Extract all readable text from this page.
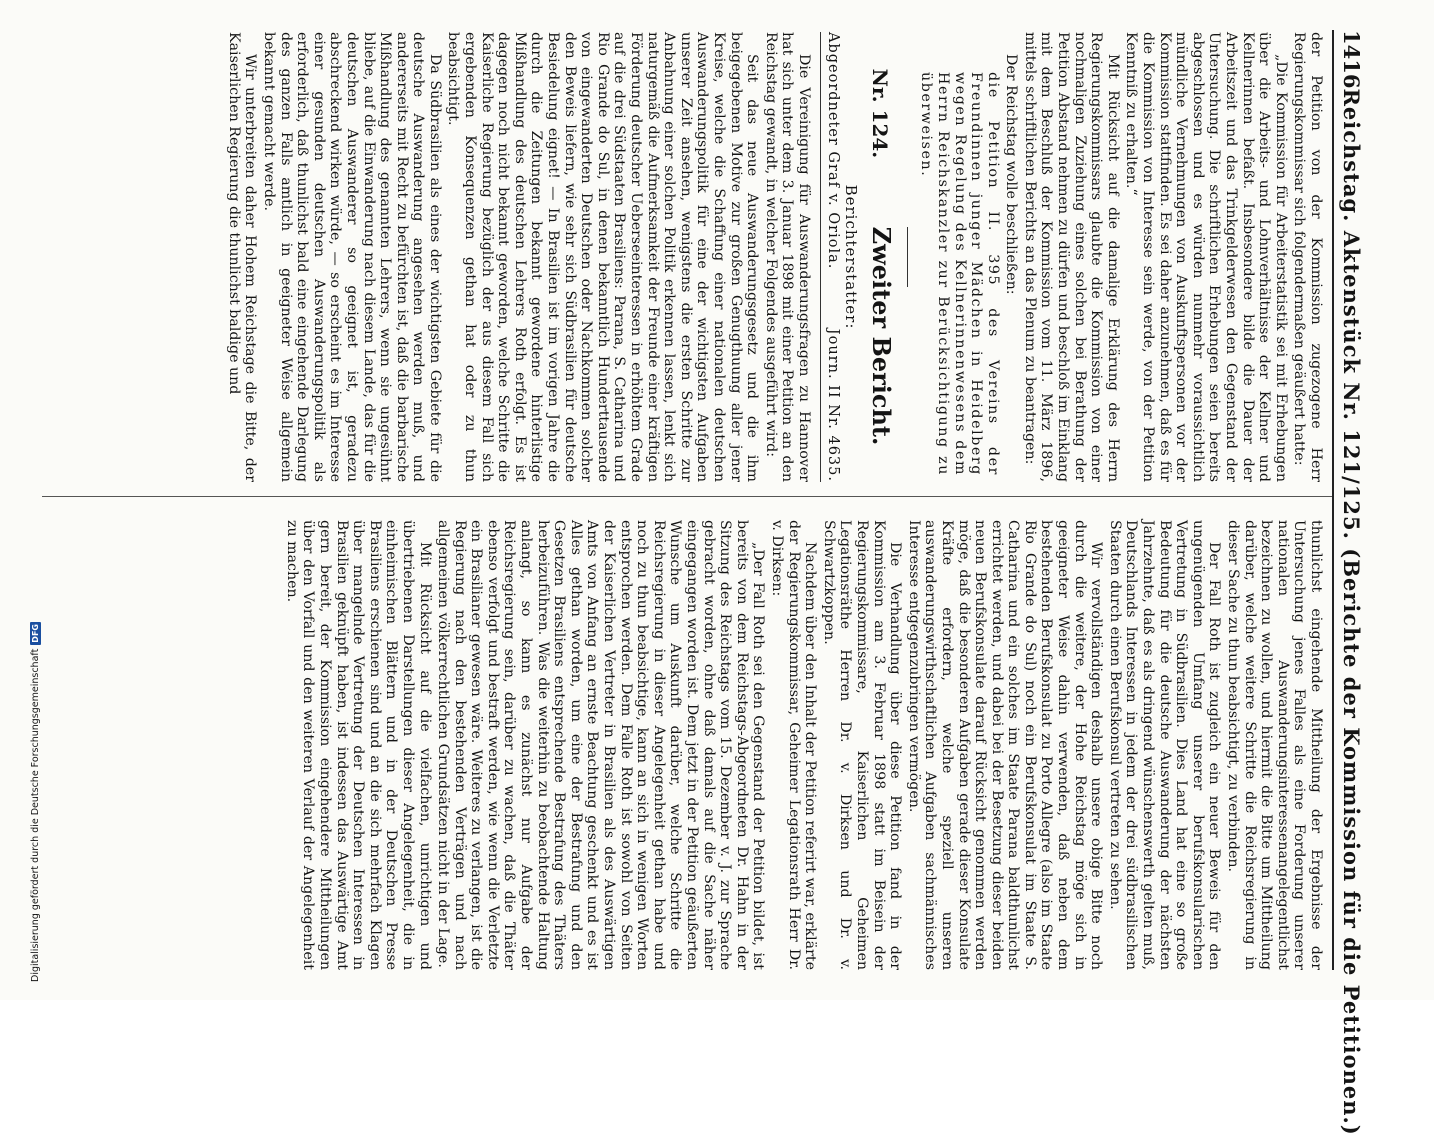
1416
Reichstag. Aktenstück Nr. 121/125. (Berichte der Kommission für die Petitionen.)

der Petition von der Kommission zugezogene Herr Regierungskommissar sich folgendermaßen geäußert hatte:

„Die Kommission für Arbeiterstatistik sei mit Erhebungen über die Arbeits- und Lohnverhältnisse der Kellner und Kellnerinnen befaßt. Insbesondere bilde die Dauer der Arbeitszeit und das Trinkgelderwesen den Gegenstand der Untersuchung. Die schriftlichen Erhebungen seien bereits abgeschlossen und es würden nunmehr voraussichtlich mündliche Vernehmungen von Auskunftspersonen vor der Kommission stattfinden. Es sei daher anzunehmen, daß es für die Kommission von Interesse sein werde, von der Petition Kenntniß zu erhalten.“

Mit Rücksicht auf die damalige Erklärung des Herrn Regierungskommissars glaubte die Kommission von einer nochmaligen Zuziehung eines solchen bei Berathung der Petition Abstand nehmen zu dürfen und beschloß im Einklang mit dem Beschluß der Kommission vom 11. März 1896, mittels schriftlichen Berichts an das Plenum zu beantragen:

Der Reichstag wolle beschließen:

die Petition II. 395 des Vereins der Freundinnen junger Mädchen in Heidelberg wegen Regelung des Kellnerinnenwesens dem Herrn Reichskanzler zur Berücksichtigung zu überweisen.

Nr. 124. Zweiter Bericht.
Berichterstatter:
Abgeordneter Graf v. Oriola.
Journ. II Nr. 4635.

Die Vereinigung für Auswanderungsfragen zu Hannover hat sich unter dem 3. Januar 1898 mit einer Petition an den Reichstag gewandt, in welcher Folgendes ausgeführt wird:

Seit das neue Auswanderungsgesetz und die ihm beigegebenen Motive zur großen Genugthuung aller jener Kreise, welche die Schaffung einer nationalen deutschen Auswanderungspolitik für eine der wichtigsten Aufgaben unserer Zeit ansehen, wenigstens die ersten Schritte zur Anbahnung einer solchen Politik erkennen lassen, lenkt sich naturgemäß die Aufmerksamkeit der Freunde einer kräftigen Förderung deutscher Ueberseeinteressen in erhöhtem Grade auf die drei Südstaaten Brasiliens: Parana, S. Catharina und Rio Grande do Sul, in denen bekanntlich Hunderttausende von eingewanderten Deutschen oder Nachkommen solcher den Beweis liefern, wie sehr sich Südbrasilien für deutsche Besiedelung eignet! — In Brasilien ist im vorigen Jahre die durch die Zeitungen bekannt gewordene hinterlistige Mißhandlung des deutschen Lehrers Roth erfolgt. Es ist dagegen noch nicht bekannt geworden, welche Schritte die Kaiserliche Regierung bezüglich der aus diesem Fall sich ergebenden Konsequenzen gethan hat oder zu thun beabsichtigt.

Da Südbrasilien als eines der wichtigsten Gebiete für die deutsche Auswanderung angesehen werden muß, und andererseits mit Recht zu befürchten ist, daß die barbarische Mißhandlung des genannten Lehrers, wenn sie ungesühnt bliebe, auf die Einwanderung nach diesem Lande, das für die deutschen Auswanderer so geeignet ist, geradezu abschreckend wirken würde, — so erscheint es im Interesse einer gesunden deutschen Auswanderungspolitik als erforderlich, daß thunlichst bald eine eingehende Darlegung des ganzen Falls amtlich in geeigneter Weise allgemein bekannt gemacht werde.

Wir unterbreiten daher Hohem Reichstage die Bitte, der Kaiserlichen Regierung die thunlichst baldige und

thunlichst eingehende Mittheilung der Ergebnisse der Untersuchung jenes Falles als eine Forderung unserer nationalen Auswanderungsinteressenangelegentlichst bezeichnen zu wollen, und hiermit die Bitte um Mittheilung darüber, welche weitere Schritte die Reichsregierung in dieser Sache zu thun beabsichtigt, zu verbinden.

Der Fall Roth ist zugleich ein neuer Beweis für den ungenügenden Umfang unserer berufskonsularischen Vertretung in Südbrasilien. Dies Land hat eine so große Bedeutung für die deutsche Auswanderung der nächsten Jahrzehnte, daß es als dringend wünschenswerth gelten muß, Deutschlands Interessen in jedem der drei südbrasilischen Staaten durch einen Berufskonsul vertreten zu sehen.

Wir vervollständigen deshalb unsere obige Bitte noch durch die weitere, der Hohe Reichstag möge sich in geeigneter Weise dahin verwenden, daß neben dem bestehenden Berufskonsulat zu Porto Allegre (also im Staate Rio Grande do Sul) noch ein Berufskonsulat im Staate S. Catharina und ein solches im Staate Parana baldthunlichst errichtet werden, und dabei bei der Besetzung dieser beiden neuen Berufskonsulate darauf Rücksicht genommen werden möge, daß die besonderen Aufgaben gerade dieser Konsulate Kräfte erfordern, welche speziell unseren auswanderungswirthschaftlichen Aufgaben sachmännisches Interesse entgegenzubringen vermögen.

Die Verhandlung über diese Petition fand in der Kommission am 3. Februar 1898 statt im Beisein der Regierungskommissare, Kaiserlichen Geheimen Legationsräthe Herren Dr. v. Dirksen und Dr. v. Schwartzkoppen.

Nachdem über den Inhalt der Petition referirt war, erklärte der Regierungskommissar, Geheimer Legationsrath Herr Dr. v. Dirksen:

„Der Fall Roth sei den Gegenstand der Petition bildet, ist bereits von dem Reichstags-Abgeordneten Dr. Hahn in der Sitzung des Reichstags vom 15. Dezember v. J. zur Sprache gebracht worden, ohne daß damals auf die Sache näher eingegangen worden ist. Dem jetzt in der Petition geäußerten Wunsche um Auskunft darüber, welche Schritte die Reichsregierung in dieser Angelegenheit gethan habe und noch zu thun beabsichtige, kann an sich in wenigen Worten entsprochen werden. Dem Falle Roth ist sowohl von Seiten der Kaiserlichen Vertreter in Brasilien als des Auswärtigen Amts von Anfang an ernste Beachtung geschenkt und es ist Alles gethan worden, um eine der Bestrafung und den Gesetzen Brasiliens entsprechende Bestrafung des Thäters herbeizuführen. Was die weiterhin zu beobachtende Haltung anlangt, so kann es zunächst nur Aufgabe der Reichsregierung sein, darüber zu wachen, daß die Thäter ebenso verfolgt und bestraft werden, wie wenn die Verletzte ein Brasilianer gewesen wäre. Weiteres zu verlangen, ist die Regierung nach den bestehenden Verträgen und nach allgemeinen völkerrechtlichen Grundsätzen nicht in der Lage.

Mit Rücksicht auf die vielfachen, unrichtigen und übertriebenen Darstellungen dieser Angelegenheit, die in einheimischen Blättern und in der Deutschen Presse Brasiliens erschienen sind und an die sich mehrfach Klagen über mangelnde Vertretung der Deutschen Interessen in Brasilien geknüpft haben, ist indessen das Auswärtige Amt gern bereit, der Kommission eingehendere Mittheilungen über den Vorfall und den weiteren Verlauf der Angelegenheit zu machen.

Digitalisierung gefördert durch die Deutsche Forschungsgemeinschaft
DFG
